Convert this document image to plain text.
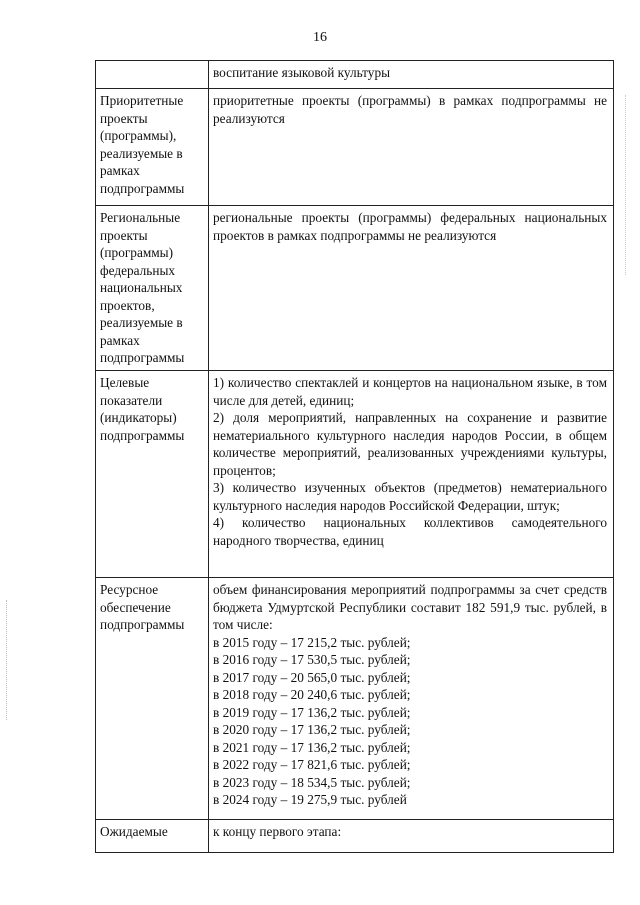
16

воспитание языковой культуры

Приоритетные проекты (программы), реализуемые в рамках подпрограммы

приоритетные проекты (программы) в рамках подпрограммы не реализуются

Региональные проекты (программы) федеральных национальных проектов, реализуемые в рамках подпрограммы

региональные проекты (программы) федеральных национальных проектов в рамках подпрограммы не реализуются

Целевые показатели (индикаторы) подпрограммы

1) количество спектаклей и концертов на национальном языке, в том числе для детей, единиц;

2) доля мероприятий, направленных на сохранение и развитие нематериального культурного наследия народов России, в общем количестве мероприятий, реализованных учреждениями культуры, процентов;

3) количество изученных объектов (предметов) нематериального культурного наследия народов Российской Федерации, штук;

4) количество национальных коллективов самодеятельного народного творчества, единиц

Ресурсное обеспечение подпрограммы

объем финансирования мероприятий подпрограммы за счет средств бюджета Удмуртской Республики составит 182 591,9 тыс. рублей, в том числе:

в 2015 году – 17 215,2 тыс. рублей;

в 2016 году – 17 530,5 тыс. рублей;

в 2017 году – 20 565,0 тыс. рублей;

в 2018 году – 20 240,6 тыс. рублей;

в 2019 году – 17 136,2 тыс. рублей;

в 2020 году – 17 136,2 тыс. рублей;

в 2021 году – 17 136,2 тыс. рублей;

в 2022 году – 17 821,6 тыс. рублей;

в 2023 году – 18 534,5 тыс. рублей;

в 2024 году – 19 275,9 тыс. рублей

Ожидаемые	к концу первого этапа:
